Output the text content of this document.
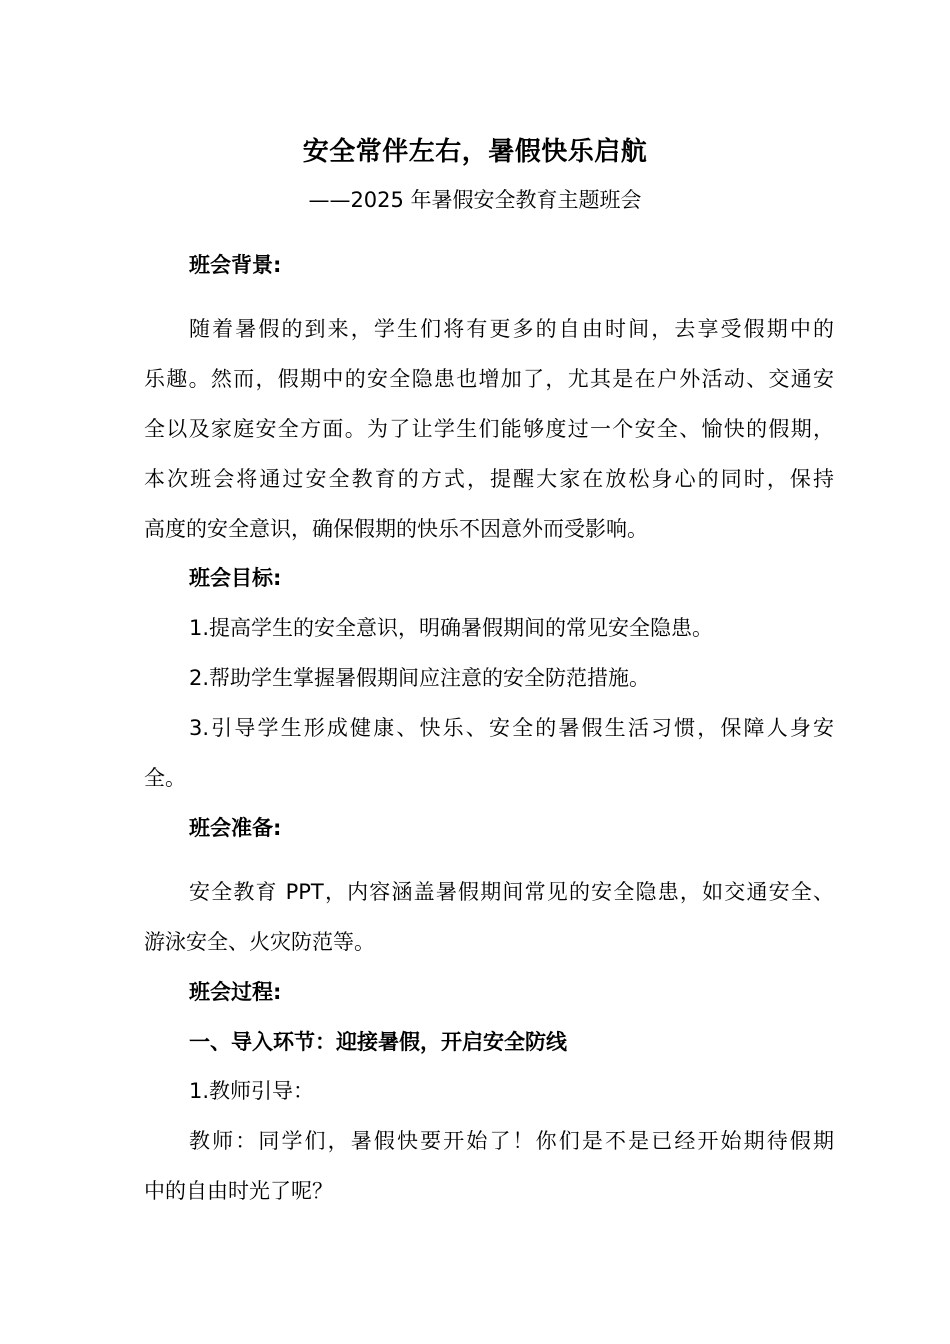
安全常伴左右，暑假快乐启航
——2025 年暑假安全教育主题班会
班会背景:
随着暑假的到来，学生们将有更多的自由时间，去享受假期中的
乐趣。然而，假期中的安全隐患也增加了，尤其是在户外活动、交通安
全以及家庭安全方面。为了让学生们能够度过一个安全、愉快的假期，
本次班会将通过安全教育的方式，提醒大家在放松身心的同时，保持
高度的安全意识，确保假期的快乐不因意外而受影响。
班会目标:
1.提高学生的安全意识，明确暑假期间的常见安全隐患。
2.帮助学生掌握暑假期间应注意的安全防范措施。
3.引导学生形成健康、快乐、安全的暑假生活习惯，保障人身安
全。
班会准备:
安全教育 PPT，内容涵盖暑假期间常见的安全隐患，如交通安全、
游泳安全、火灾防范等。
班会过程:
一、导入环节：迎接暑假，开启安全防线
1.教师引导：
教师：同学们，暑假快要开始了！你们是不是已经开始期待假期
中的自由时光了呢？
